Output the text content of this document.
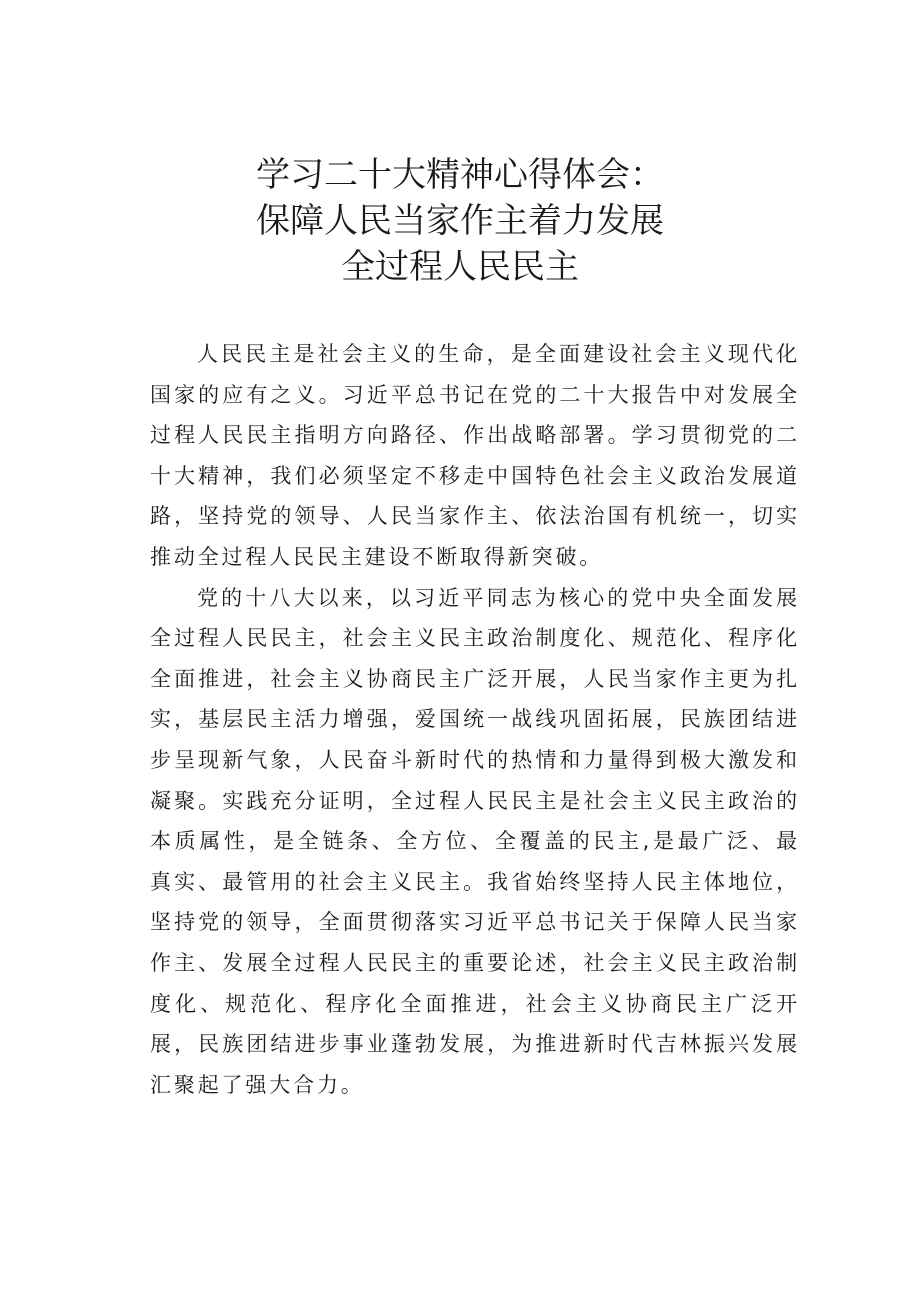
学习二十大精神心得体会：
保障人民当家作主着力发展
全过程人民民主

人民民主是社会主义的生命，是全面建设社会主义现代化国家的应有之义。习近平总书记在党的二十大报告中对发展全过程人民民主指明方向路径、作出战略部署。学习贯彻党的二十大精神，我们必须坚定不移走中国特色社会主义政治发展道路，坚持党的领导、人民当家作主、依法治国有机统一，切实推动全过程人民民主建设不断取得新突破。

党的十八大以来，以习近平同志为核心的党中央全面发展全过程人民民主，社会主义民主政治制度化、规范化、程序化全面推进，社会主义协商民主广泛开展，人民当家作主更为扎实，基层民主活力增强，爱国统一战线巩固拓展，民族团结进步呈现新气象，人民奋斗新时代的热情和力量得到极大激发和凝聚。实践充分证明，全过程人民民主是社会主义民主政治的本质属性，是全链条、全方位、全覆盖的民主,是最广泛、最真实、最管用的社会主义民主。我省始终坚持人民主体地位，坚持党的领导，全面贯彻落实习近平总书记关于保障人民当家作主、发展全过程人民民主的重要论述，社会主义民主政治制度化、规范化、程序化全面推进，社会主义协商民主广泛开展，民族团结进步事业蓬勃发展，为推进新时代吉林振兴发展汇聚起了强大合力。
